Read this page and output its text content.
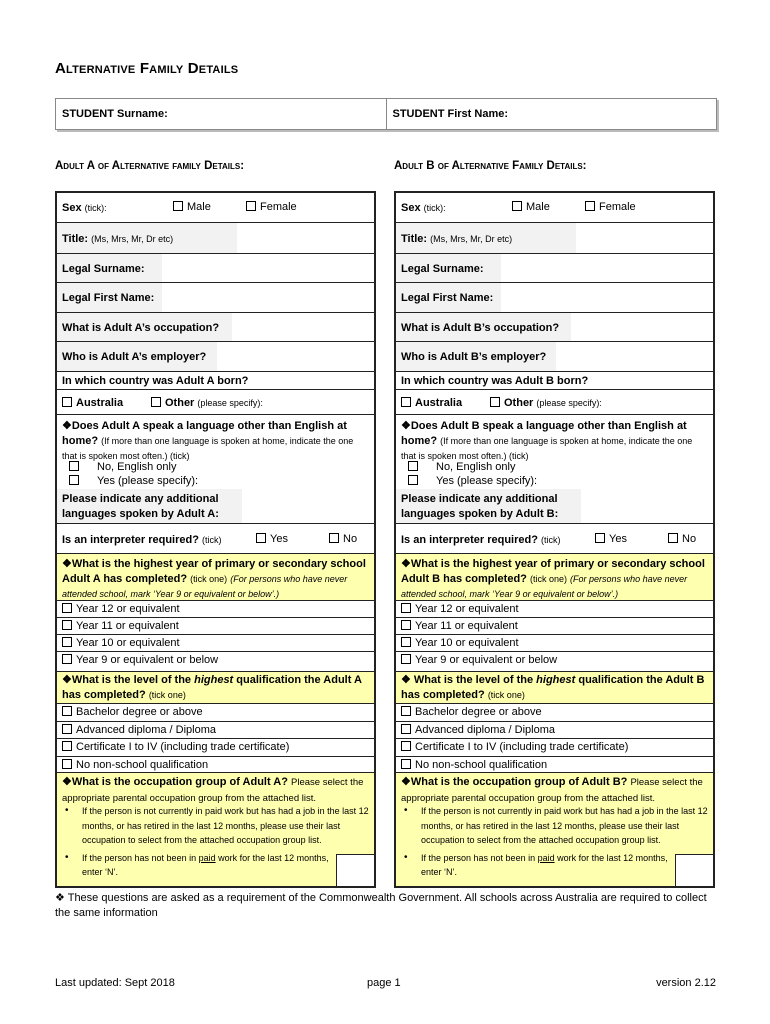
Alternative Family Details
STUDENT Surname:	STUDENT First Name:
Adult A of Alternative family Details:	Adult B of Alternative Family Details:
Sex (tick):	Male	Female
Title: (Ms, Mrs, Mr, Dr etc)
Legal Surname:
Legal First Name:
What is Adult A’s occupation?
Who is Adult A’s employer?
In which country was Adult A born?
Australia	Other (please specify):
❖Does Adult A speak a language other than English at home? (If more than one language is spoken at home, indicate the one that is spoken most often.) (tick)
No, English only
Yes (please specify):
Please indicate any additional languages spoken by Adult A:
Is an interpreter required? (tick)	Yes	No
❖What is the highest year of primary or secondary school Adult A has completed? (tick one) (For persons who have never attended school, mark ‘Year 9 or equivalent or below’.)
Year 12 or equivalent
Year 11 or equivalent
Year 10 or equivalent
Year 9 or equivalent or below
❖What is the level of the highest qualification the Adult A has completed? (tick one)
Bachelor degree or above
Advanced diploma / Diploma
Certificate I to IV (including trade certificate)
No non-school qualification
❖What is the occupation group of Adult A? Please select the appropriate parental occupation group from the attached list.
• If the person is not currently in paid work but has had a job in the last 12 months, or has retired in the last 12 months, please use their last occupation to select from the attached occupation group list.
• If the person has not been in paid work for the last 12 months, enter ‘N’.
Sex (tick):	Male	Female
Title: (Ms, Mrs, Mr, Dr etc)
Legal Surname:
Legal First Name:
What is Adult B’s occupation?
Who is Adult B’s employer?
In which country was Adult B born?
Australia	Other (please specify):
❖Does Adult B speak a language other than English at home? (If more than one language is spoken at home, indicate the one that is spoken most often.) (tick)
No, English only
Yes (please specify):
Please indicate any additional languages spoken by Adult B:
Is an interpreter required? (tick)	Yes	No
❖What is the highest year of primary or secondary school Adult B has completed? (tick one) (For persons who have never attended school, mark ‘Year 9 or equivalent or below’.)
Year 12 or equivalent
Year 11 or equivalent
Year 10 or equivalent
Year 9 or equivalent or below
❖ What is the level of the highest qualification the Adult B has completed? (tick one)
Bachelor degree or above
Advanced diploma / Diploma
Certificate I to IV (including trade certificate)
No non-school qualification
❖What is the occupation group of Adult B? Please select the appropriate parental occupation group from the attached list.
• If the person is not currently in paid work but has had a job in the last 12 months, or has retired in the last 12 months, please use their last occupation to select from the attached occupation group list.
• If the person has not been in paid work for the last 12 months, enter ‘N’.
❖ These questions are asked as a requirement of the Commonwealth Government. All schools across Australia are required to collect the same information
Last updated: Sept 2018	page 1	version 2.12
